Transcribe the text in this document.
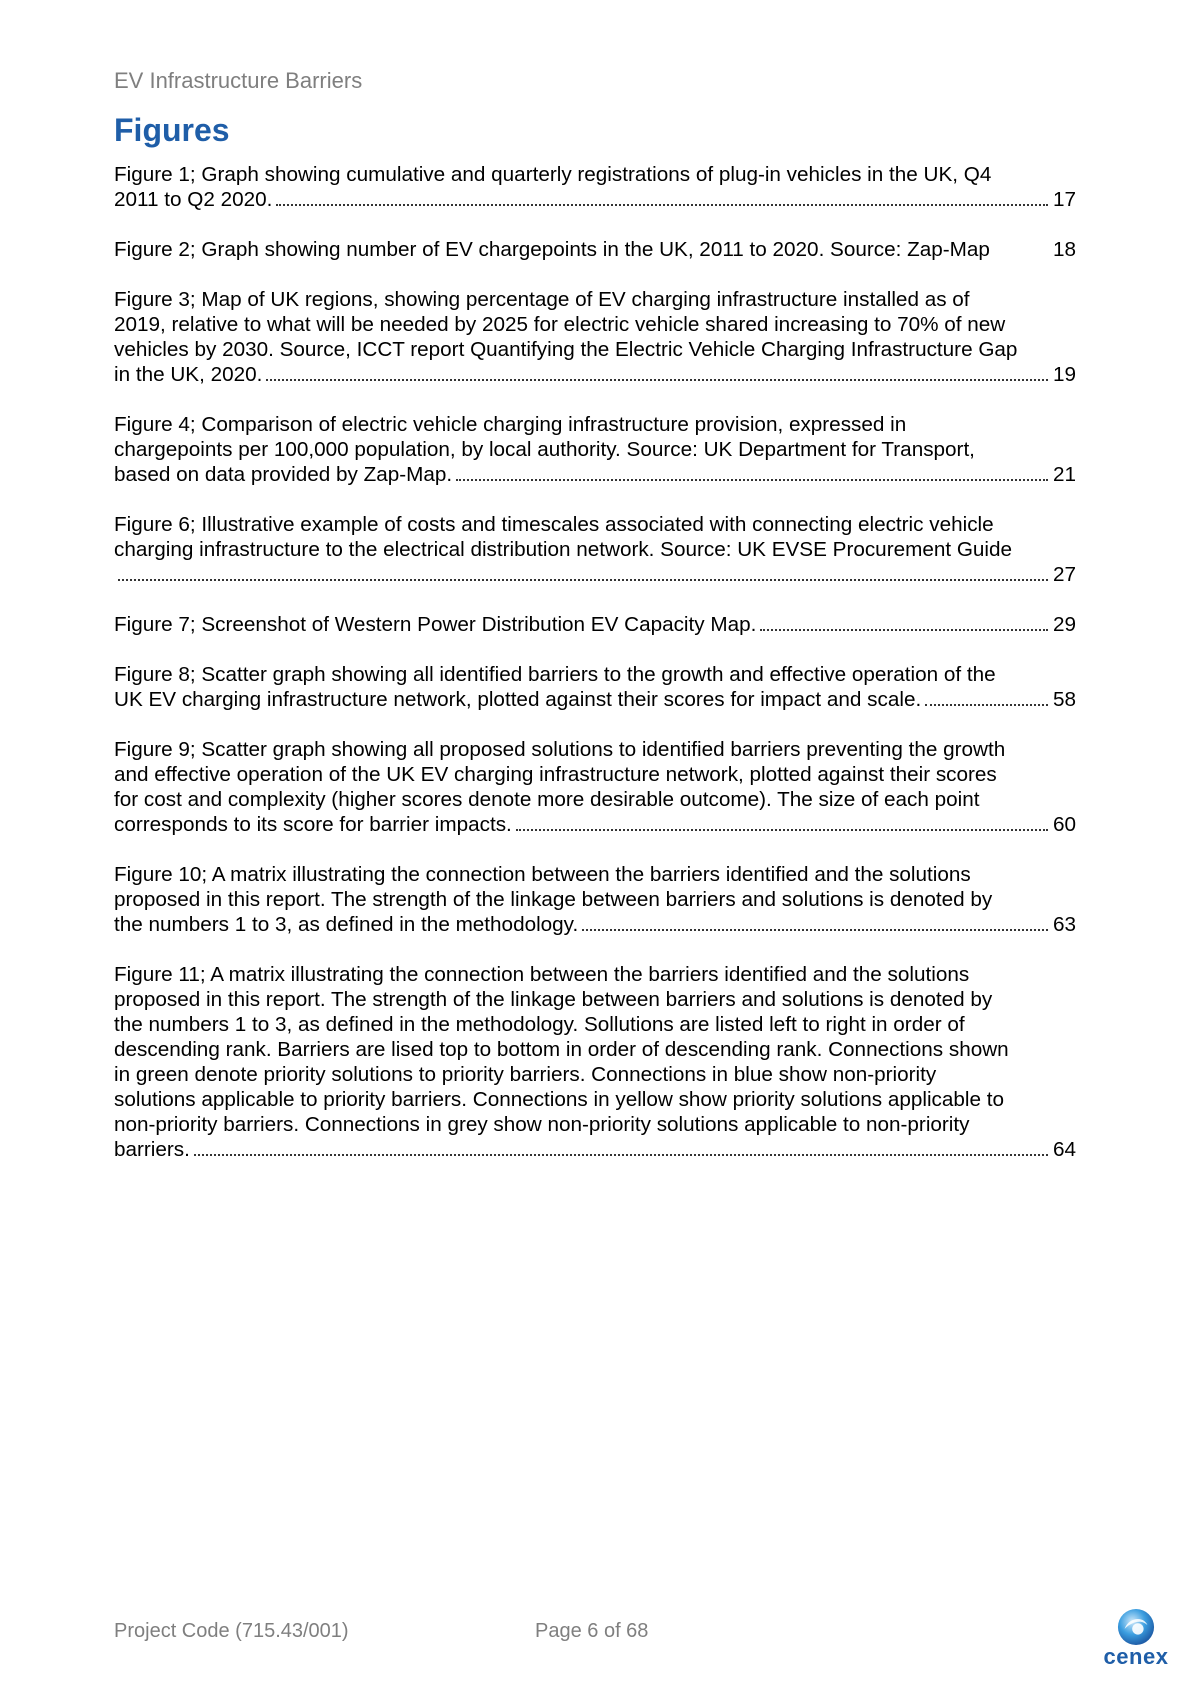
EV Infrastructure Barriers
Figures
Figure 1; Graph showing cumulative and quarterly registrations of plug-in vehicles in the UK, Q4
2011 to Q2 2020.	17
Figure 2; Graph showing number of EV chargepoints in the UK, 2011 to 2020. Source: Zap-Map	18
Figure 3; Map of UK regions, showing percentage of EV charging infrastructure installed as of
2019, relative to what will be needed by 2025 for electric vehicle shared increasing to 70% of new
vehicles by 2030. Source, ICCT report Quantifying the Electric Vehicle Charging Infrastructure Gap
in the UK, 2020.	19
Figure 4; Comparison of electric vehicle charging infrastructure provision, expressed in
chargepoints per 100,000 population, by local authority. Source: UK Department for Transport,
based on data provided by Zap-Map.	21
Figure 6; Illustrative example of costs and timescales associated with connecting electric vehicle
charging infrastructure to the electrical distribution network. Source: UK EVSE Procurement Guide
27
Figure 7; Screenshot of Western Power Distribution EV Capacity Map.	29
Figure 8; Scatter graph showing all identified barriers to the growth and effective operation of the
UK EV charging infrastructure network, plotted against their scores for impact and scale.	58
Figure 9; Scatter graph showing all proposed solutions to identified barriers preventing the growth
and effective operation of the UK EV charging infrastructure network, plotted against their scores
for cost and complexity (higher scores denote more desirable outcome). The size of each point
corresponds to its score for barrier impacts.	60
Figure 10; A matrix illustrating the connection between the barriers identified and the solutions
proposed in this report. The strength of the linkage between barriers and solutions is denoted by
the numbers 1 to 3, as defined in the methodology.	63
Figure 11; A matrix illustrating the connection between the barriers identified and the solutions
proposed in this report. The strength of the linkage between barriers and solutions is denoted by
the numbers 1 to 3, as defined in the methodology. Sollutions are listed left to right in order of
descending rank. Barriers are lised top to bottom in order of descending rank. Connections shown
in green denote priority solutions to priority barriers. Connections in blue show non-priority
solutions applicable to priority barriers. Connections in yellow show priority solutions applicable to
non-priority barriers. Connections in grey show non-priority solutions applicable to non-priority
barriers.	64
Project Code (715.43/001)	Page 6 of 68
cenex
